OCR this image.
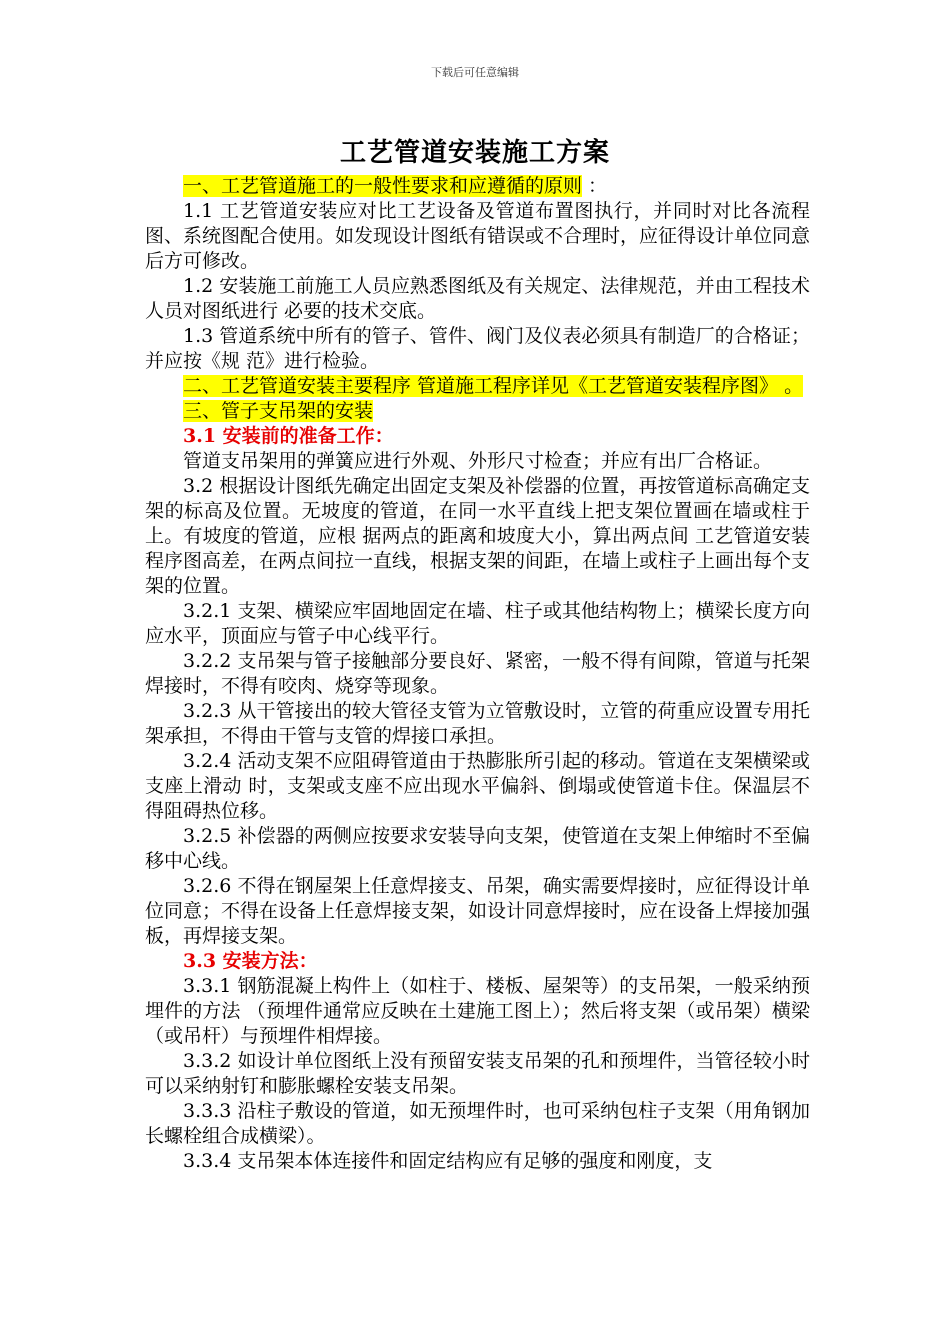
下载后可任意编辑
工艺管道安装施工方案

一、工艺管道施工的一般性要求和应遵循的原则 ：

1.1 工艺管道安装应对比工艺设备及管道布置图执行，并同时对比各流程图、系统图配合使用。如发现设计图纸有错误或不合理时，应征得设计单位同意后方可修改。

1.2 安装施工前施工人员应熟悉图纸及有关规定、法律规范，并由工程技术人员对图纸进行 必要的技术交底。

1.3 管道系统中所有的管子、管件、阀门及仪表必须具有制造厂的合格证；并应按《规 范》进行检验。

二、工艺管道安装主要程序 管道施工程序详见《工艺管道安装程序图》 。

三、管子支吊架的安装

3.1 安装前的准备工作：

管道支吊架用的弹簧应进行外观、外形尺寸检查；并应有出厂合格证。

3.2 根据设计图纸先确定出固定支架及补偿器的位置，再按管道标高确定支架的标高及位置。无坡度的管道，在同一水平直线上把支架位置画在墙或柱于上。有坡度的管道，应根 据两点的距离和坡度大小，算出两点间 工艺管道安装程序图高差，在两点间拉一直线，根据支架的间距，在墙上或柱子上画出每个支架的位置。

3.2.1 支架、横梁应牢固地固定在墙、柱子或其他结构物上；横梁长度方向应水平，顶面应与管子中心线平行。

3.2.2 支吊架与管子接触部分要良好、紧密，一般不得有间隙，管道与托架焊接时，不得有咬肉、烧穿等现象。

3.2.3 从干管接出的较大管径支管为立管敷设时，立管的荷重应设置专用托架承担，不得由干管与支管的焊接口承担。

3.2.4 活动支架不应阻碍管道由于热膨胀所引起的移动。管道在支架横梁或支座上滑动 时，支架或支座不应出现水平偏斜、倒塌或使管道卡住。保温层不得阻碍热位移。

3.2.5 补偿器的两侧应按要求安装导向支架，使管道在支架上伸缩时不至偏移中心线。

3.2.6 不得在钢屋架上任意焊接支、吊架，确实需要焊接时，应征得设计单位同意；不得在设备上任意焊接支架，如设计同意焊接时，应在设备上焊接加强板，再焊接支架。

3.3 安装方法：

3.3.1 钢筋混凝上构件上（如柱于、楼板、屋架等）的支吊架，一般采纳预埋件的方法 （预埋件通常应反映在土建施工图上）；然后将支架（或吊架）横梁（或吊杆）与预埋件相焊接。

3.3.2 如设计单位图纸上没有预留安装支吊架的孔和预埋件，当管径较小时可以采纳射钉和膨胀螺栓安装支吊架。

3.3.3 沿柱子敷设的管道，如无预埋件时，也可采纳包柱子支架（用角钢加长螺栓组合成横梁）。

3.3.4 支吊架本体连接件和固定结构应有足够的强度和刚度，支
